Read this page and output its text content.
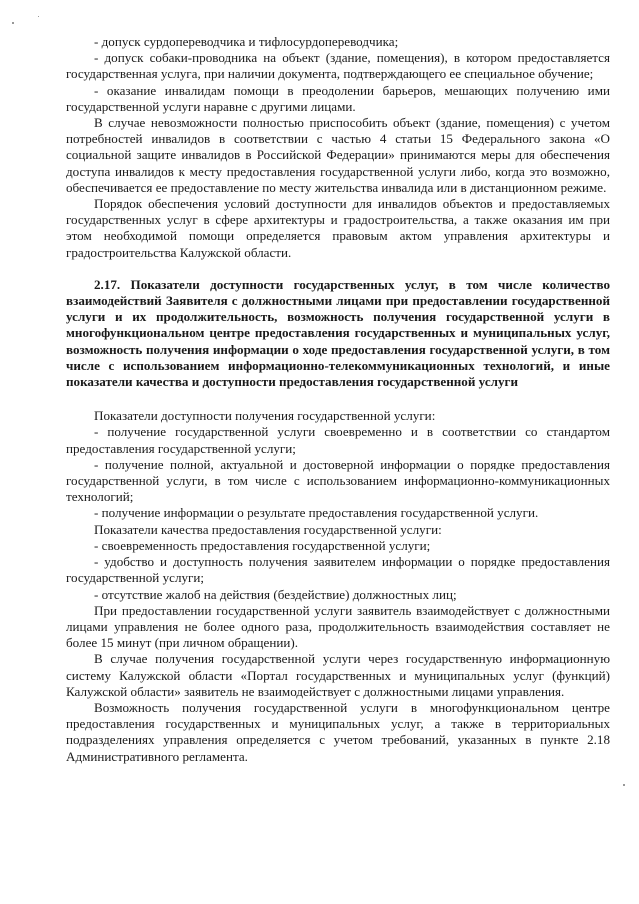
- допуск сурдопереводчика и тифлосурдопереводчика;

- допуск собаки-проводника на объект (здание, помещения), в котором предоставляется государственная услуга, при наличии документа, подтверждающего ее специальное обучение;

- оказание инвалидам помощи в преодолении барьеров, мешающих получению ими государственной услуги наравне с другими лицами.

В случае невозможности полностью приспособить объект (здание, помещения) с учетом потребностей инвалидов в соответствии с частью 4 статьи 15 Федерального закона «О социальной защите инвалидов в Российской Федерации» принимаются меры для обеспечения доступа инвалидов к месту предоставления государственной услуги либо, когда это возможно, обеспечивается ее предоставление по месту жительства инвалида или в дистанционном режиме.

Порядок обеспечения условий доступности для инвалидов объектов и предоставляемых государственных услуг в сфере архитектуры и градостроительства, а также оказания им при этом необходимой помощи определяется правовым актом управления архитектуры и градостроительства Калужской области.

2.17. Показатели доступности государственных услуг, в том числе количество взаимодействий Заявителя с должностными лицами при предоставлении государственной услуги и их продолжительность, возможность получения государственной услуги в многофункциональном центре предоставления государственных и муниципальных услуг, возможность получения информации о ходе предоставления государственной услуги, в том числе с использованием информационно-телекоммуникационных технологий, и иные показатели качества и доступности предоставления государственной услуги

Показатели доступности получения государственной услуги:

- получение государственной услуги своевременно и в соответствии со стандартом предоставления государственной услуги;

- получение полной, актуальной и достоверной информации о порядке предоставления государственной услуги, в том числе с использованием информационно-коммуникационных технологий;

- получение информации о результате предоставления государственной услуги.

Показатели качества предоставления государственной услуги:

- своевременность предоставления государственной услуги;

- удобство и доступность получения заявителем информации о порядке предоставления государственной услуги;

- отсутствие жалоб на действия (бездействие) должностных лиц;

При предоставлении государственной услуги заявитель взаимодействует с должностными лицами управления не более одного раза, продолжительность взаимодействия составляет не более 15 минут (при личном обращении).

В случае получения государственной услуги через государственную информационную систему Калужской области «Портал государственных и муниципальных услуг (функций) Калужской области» заявитель не взаимодействует с должностными лицами управления.

Возможность получения государственной услуги в многофункциональном центре предоставления государственных и муниципальных услуг, а также в территориальных подразделениях управления определяется с учетом требований, указанных в пункте 2.18 Административного регламента.
